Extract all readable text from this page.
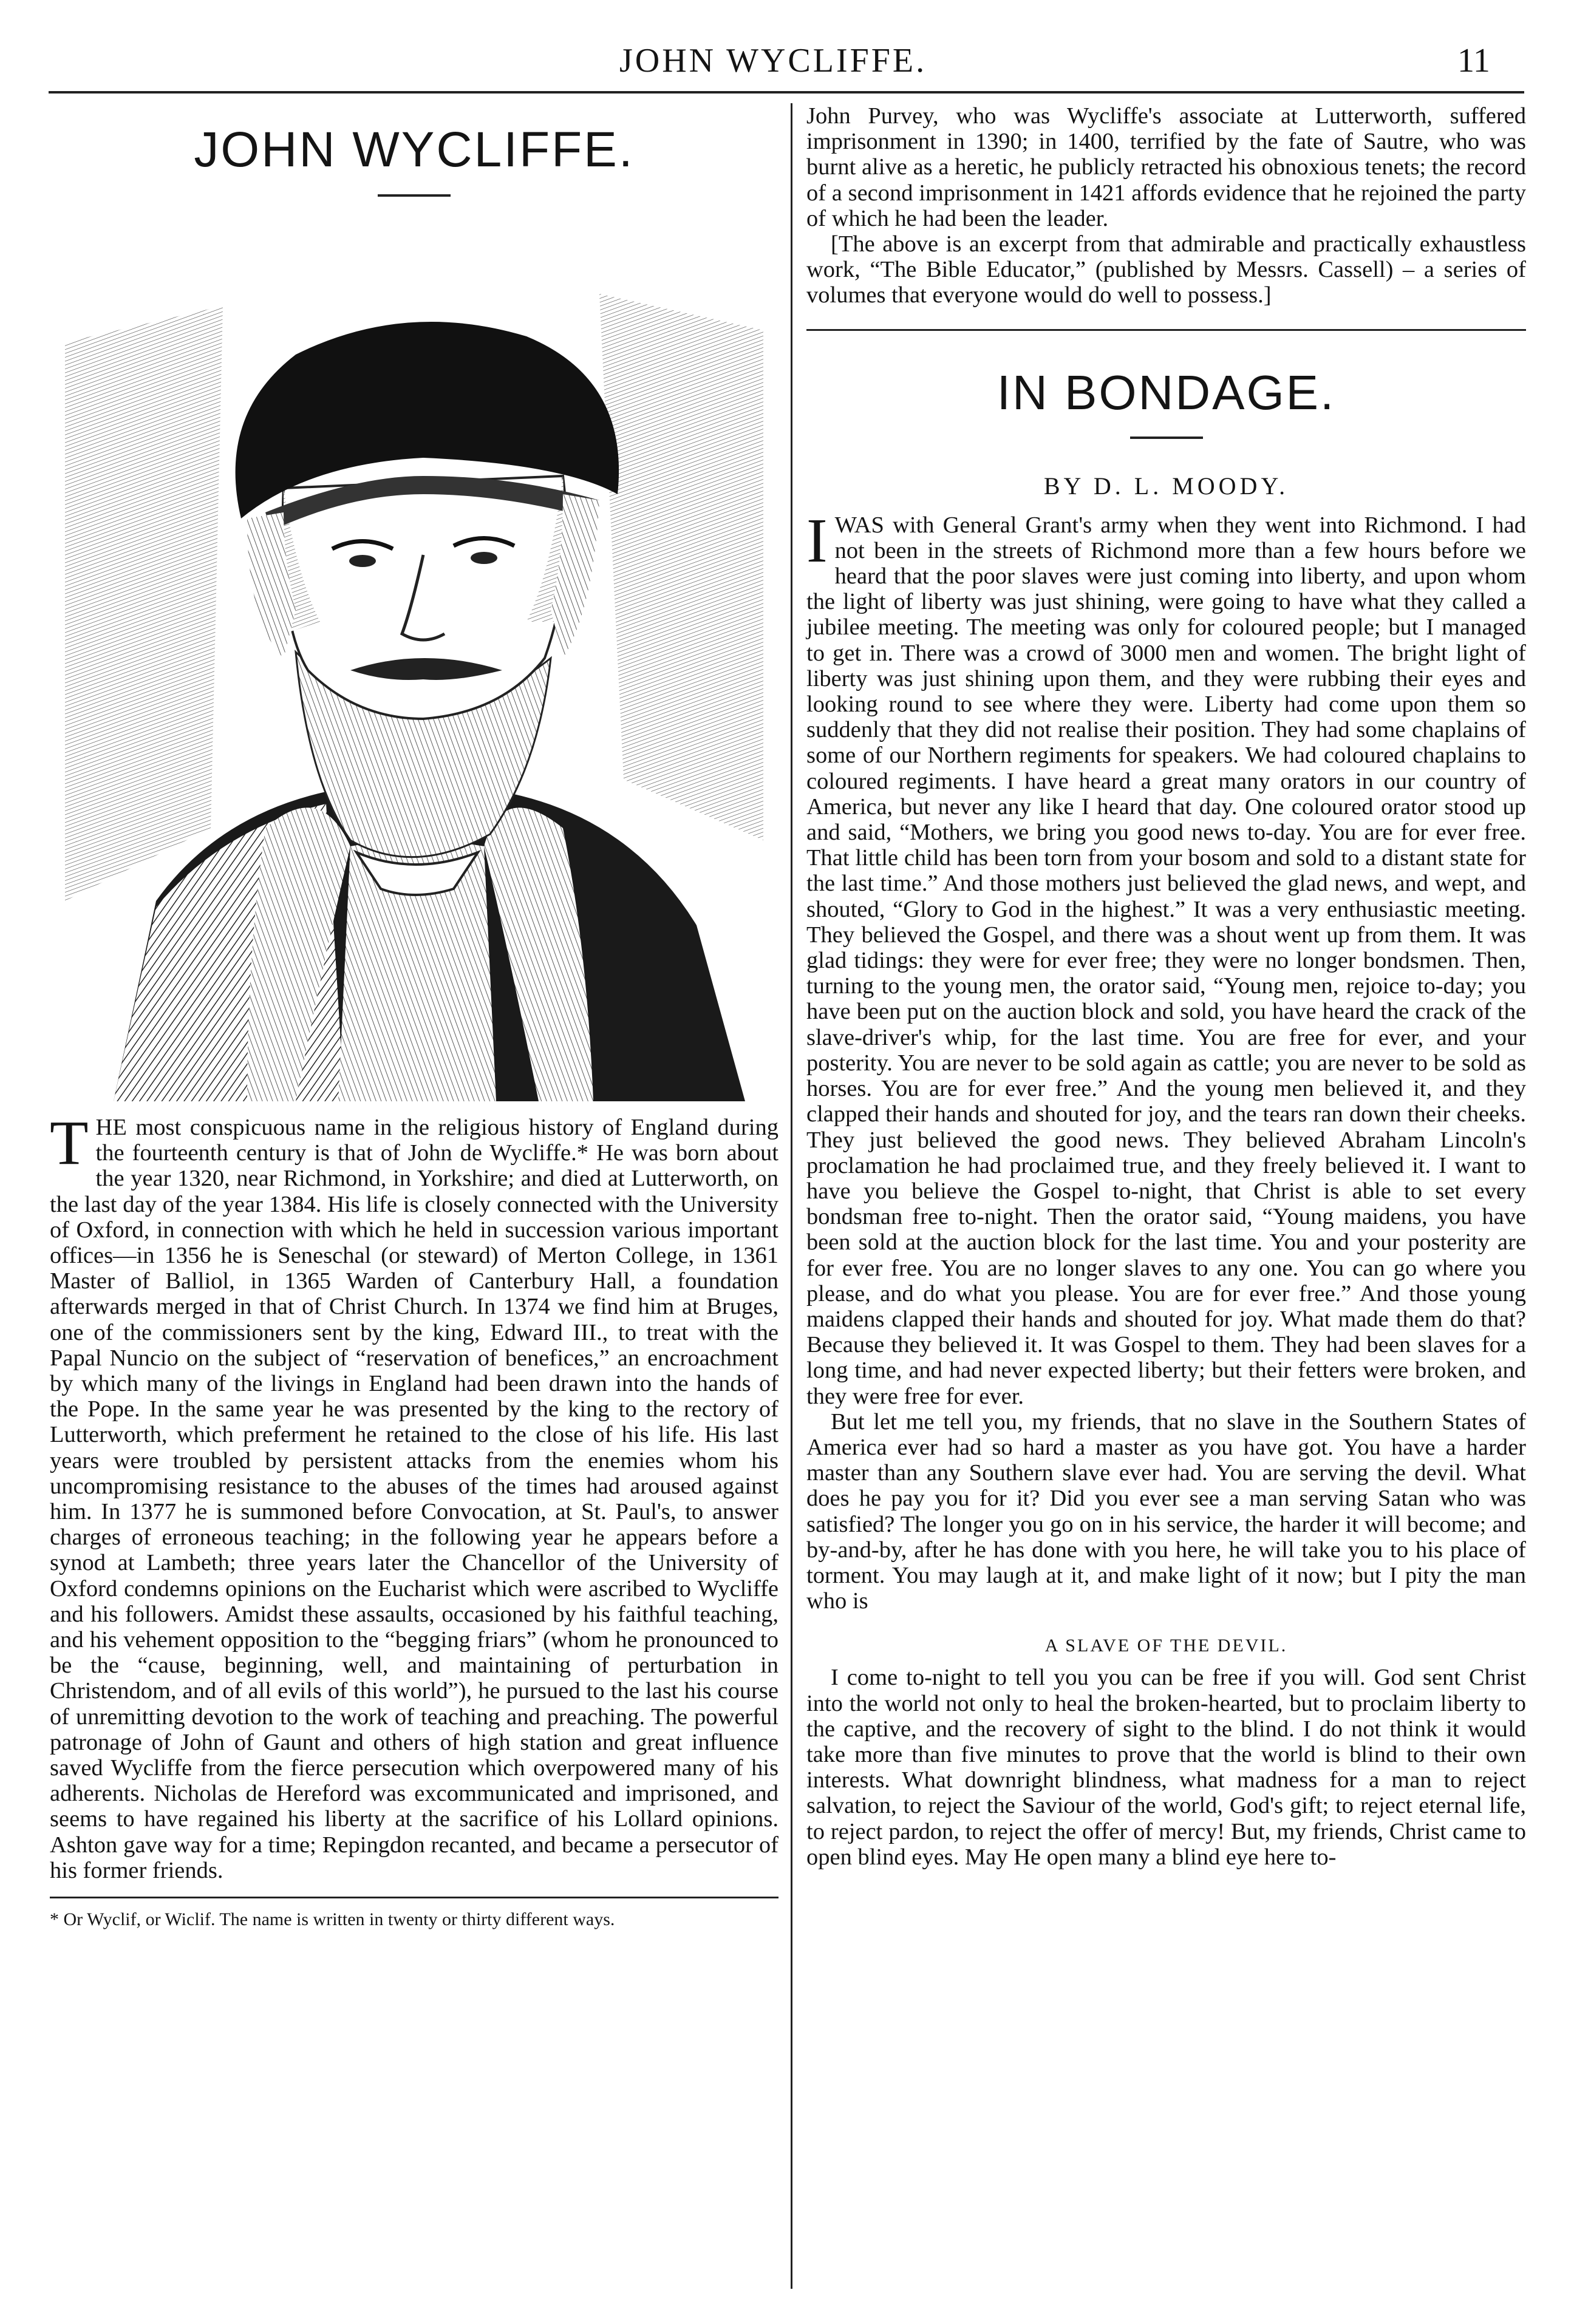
JOHN WYCLIFFE.	11
JOHN WYCLIFFE.
T HE most conspicuous name in the religious history of England during the fourteenth century is that of John de Wycliffe.* He was born about the year 1320, near Richmond, in Yorkshire; and died at Lutterworth, on the last day of the year 1384. His life is closely connected with the University of Oxford, in connection with which he held in succession various important offices—in 1356 he is Seneschal (or steward) of Merton College, in 1361 Master of Balliol, in 1365 Warden of Canterbury Hall, a foundation afterwards merged in that of Christ Church. In 1374 we find him at Bruges, one of the commissioners sent by the king, Edward III., to treat with the Papal Nuncio on the subject of “reservation of benefices,” an encroachment by which many of the livings in England had been drawn into the hands of the Pope. In the same year he was presented by the king to the rectory of Lutterworth, which preferment he retained to the close of his life. His last years were troubled by persistent attacks from the enemies whom his uncompromising resistance to the abuses of the times had aroused against him. In 1377 he is summoned before Convocation, at St. Paul's, to answer charges of erroneous teaching; in the following year he appears before a synod at Lambeth; three years later the Chancellor of the University of Oxford condemns opinions on the Eucharist which were ascribed to Wycliffe and his followers. Amidst these assaults, occasioned by his faithful teaching, and his vehement opposition to the “begging friars” (whom he pronounced to be the “cause, beginning, well, and maintaining of perturbation in Christendom, and of all evils of this world”), he pursued to the last his course of unremitting devotion to the work of teaching and preaching. The powerful patronage of John of Gaunt and others of high station and great influence saved Wycliffe from the fierce persecution which overpowered many of his adherents. Nicholas de Hereford was excommunicated and imprisoned, and seems to have regained his liberty at the sacrifice of his Lollard opinions. Ashton gave way for a time; Repingdon recanted, and became a persecutor of his former friends.

* Or Wyclif, or Wiclif. The name is written in twenty or thirty different ways.

John Purvey, who was Wycliffe's associate at Lutterworth, suffered imprisonment in 1390; in 1400, terrified by the fate of Sautre, who was burnt alive as a heretic, he publicly retracted his obnoxious tenets; the record of a second imprisonment in 1421 affords evidence that he rejoined the party of which he had been the leader.

[The above is an excerpt from that admirable and practically exhaustless work, “The Bible Educator,” (published by Messrs. Cassell) – a series of volumes that everyone would do well to possess.]

IN BONDAGE.
BY D. L. MOODY.
I WAS with General Grant's army when they went into Richmond. I had not been in the streets of Richmond more than a few hours before we heard that the poor slaves were just coming into liberty, and upon whom the light of liberty was just shining, were going to have what they called a jubilee meeting. The meeting was only for coloured people; but I managed to get in. There was a crowd of 3000 men and women. The bright light of liberty was just shining upon them, and they were rubbing their eyes and looking round to see where they were. Liberty had come upon them so suddenly that they did not realise their position. They had some chaplains of some of our Northern regiments for speakers. We had coloured chaplains to coloured regiments. I have heard a great many orators in our country of America, but never any like I heard that day. One coloured orator stood up and said, “Mothers, we bring you good news to-day. You are for ever free. That little child has been torn from your bosom and sold to a distant state for the last time.” And those mothers just believed the glad news, and wept, and shouted, “Glory to God in the highest.” It was a very enthusiastic meeting. They believed the Gospel, and there was a shout went up from them. It was glad tidings: they were for ever free; they were no longer bondsmen. Then, turning to the young men, the orator said, “Young men, rejoice to-day; you have been put on the auction block and sold, you have heard the crack of the slave-driver's whip, for the last time. You are free for ever, and your posterity. You are never to be sold again as cattle; you are never to be sold as horses. You are for ever free.” And the young men believed it, and they clapped their hands and shouted for joy, and the tears ran down their cheeks. They just believed the good news. They believed Abraham Lincoln's proclamation he had proclaimed true, and they freely believed it. I want to have you believe the Gospel to-night, that Christ is able to set every bondsman free to-night. Then the orator said, “Young maidens, you have been sold at the auction block for the last time. You and your posterity are for ever free. You are no longer slaves to any one. You can go where you please, and do what you please. You are for ever free.” And those young maidens clapped their hands and shouted for joy. What made them do that? Because they believed it. It was Gospel to them. They had been slaves for a long time, and had never expected liberty; but their fetters were broken, and they were free for ever.

But let me tell you, my friends, that no slave in the Southern States of America ever had so hard a master as you have got. You have a harder master than any Southern slave ever had. You are serving the devil. What does he pay you for it? Did you ever see a man serving Satan who was satisfied? The longer you go on in his service, the harder it will become; and by-and-by, after he has done with you here, he will take you to his place of torment. You may laugh at it, and make light of it now; but I pity the man who is

A SLAVE OF THE DEVIL.

I come to-night to tell you you can be free if you will. God sent Christ into the world not only to heal the broken-hearted, but to proclaim liberty to the captive, and the recovery of sight to the blind. I do not think it would take more than five minutes to prove that the world is blind to their own interests. What downright blindness, what madness for a man to reject salvation, to reject the Saviour of the world, God's gift; to reject eternal life, to reject pardon, to reject the offer of mercy! But, my friends, Christ came to open blind eyes. May He open many a blind eye here to-
